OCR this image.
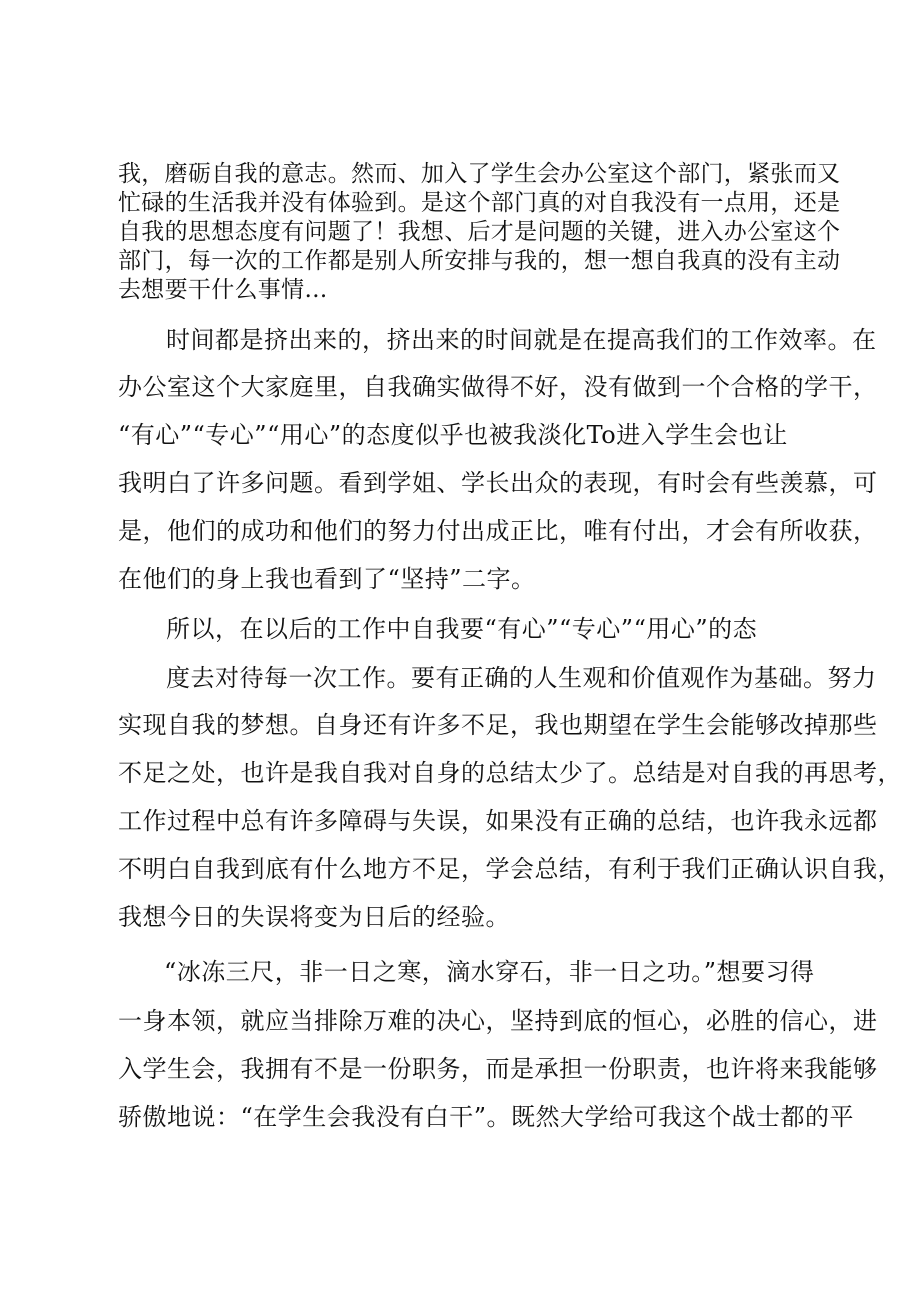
我，磨砺自我的意志。然而、加入了学生会办公室这个部门，紧张而又
忙碌的生活我并没有体验到。是这个部门真的对自我没有一点用，还是
自我的思想态度有问题了！我想、后才是问题的关键，进入办公室这个
部门，每一次的工作都是别人所安排与我的，想一想自我真的没有主动
去想要干什么事情…
时间都是挤出来的，挤出来的时间就是在提高我们的工作效率。在
办公室这个大家庭里，自我确实做得不好，没有做到一个合格的学干，
“有心”“专心”“用心”的态度似乎也被我淡化To进入学生会也让
我明白了许多问题。看到学姐、学长出众的表现，有时会有些羡慕，可
是，他们的成功和他们的努力付出成正比，唯有付出，才会有所收获，
在他们的身上我也看到了“坚持”二字。
所以，在以后的工作中自我要“有心”“专心”“用心”的态
度去对待每一次工作。要有正确的人生观和价值观作为基础。努力
实现自我的梦想。自身还有许多不足，我也期望在学生会能够改掉那些
不足之处，也许是我自我对自身的总结太少了。总结是对自我的再思考，
工作过程中总有许多障碍与失误，如果没有正确的总结，也许我永远都
不明白自我到底有什么地方不足，学会总结，有利于我们正确认识自我，
我想今日的失误将变为日后的经验。
“冰冻三尺，非一日之寒，滴水穿石，非一日之功。”想要习得
一身本领，就应当排除万难的决心，坚持到底的恒心，必胜的信心，进
入学生会，我拥有不是一份职务，而是承担一份职责，也许将来我能够
骄傲地说：“在学生会我没有白干”。既然大学给可我这个战士都的平
